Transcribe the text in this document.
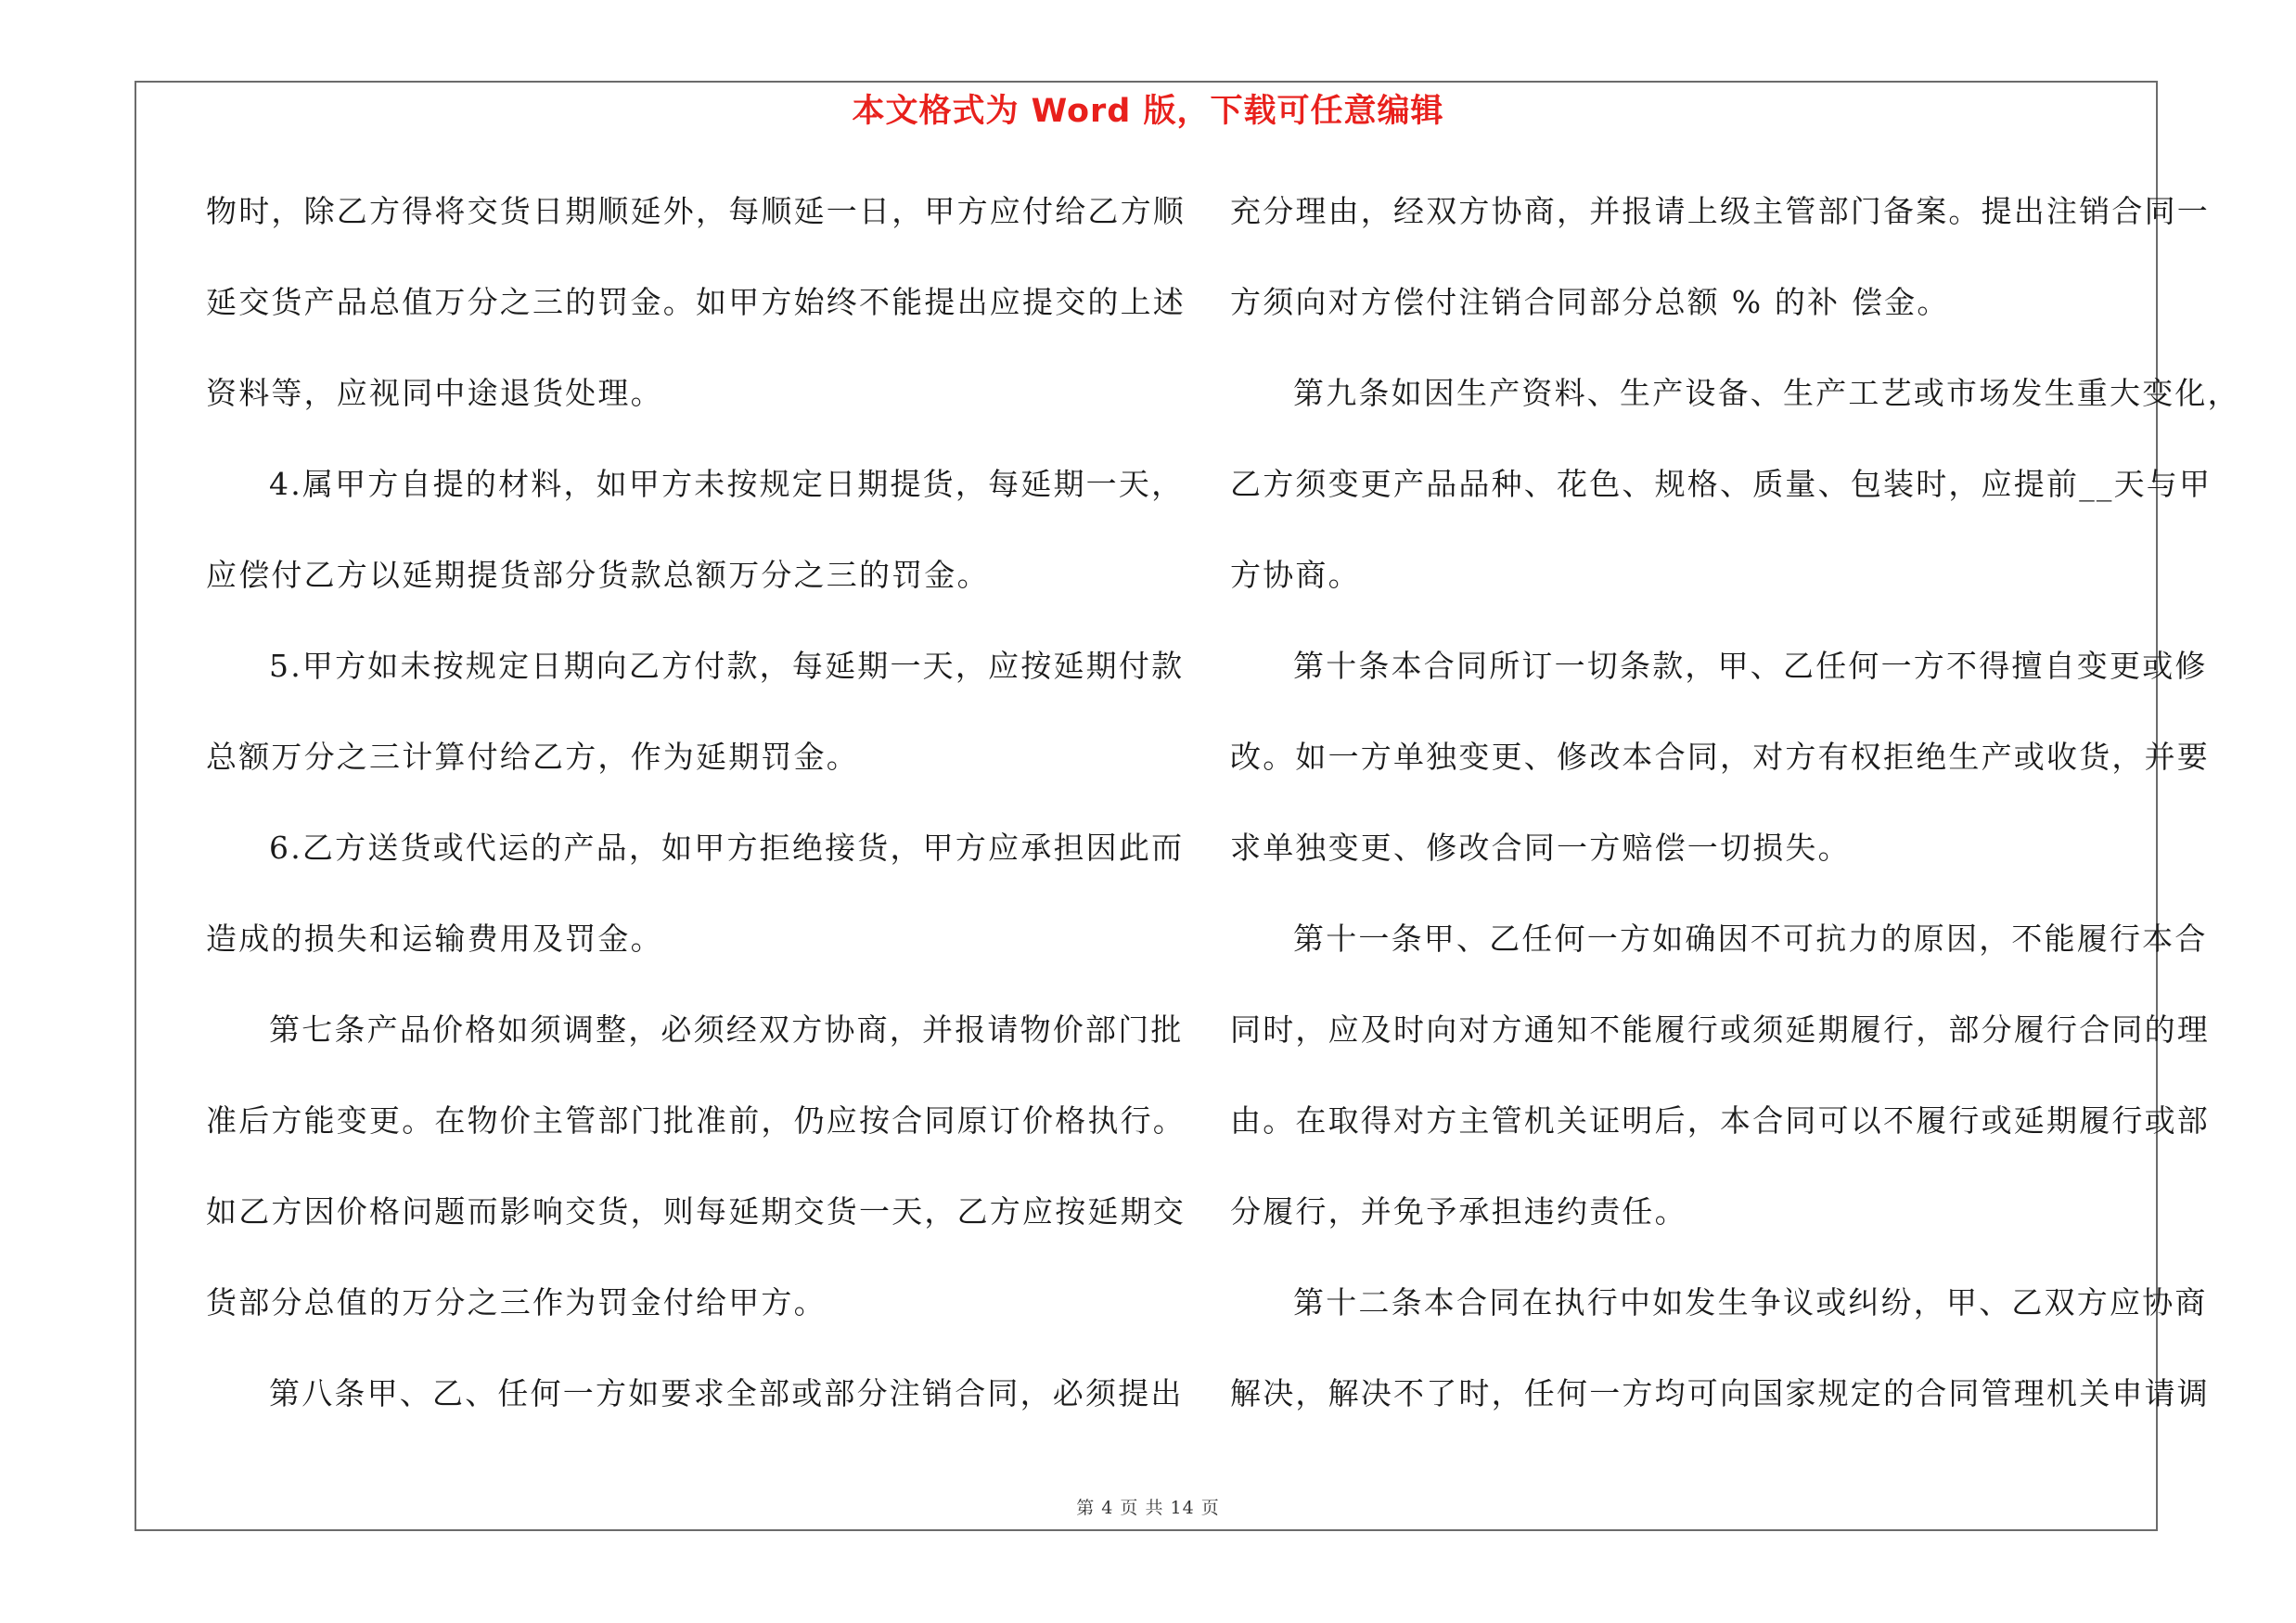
本文格式为 Word 版，下载可任意编辑
物时，除乙方得将交货日期顺延外，每顺延一日，甲方应付给乙方顺
延交货产品总值万分之三的罚金。如甲方始终不能提出应提交的上述
资料等，应视同中途退货处理。
4.属甲方自提的材料，如甲方未按规定日期提货，每延期一天，
应偿付乙方以延期提货部分货款总额万分之三的罚金。
5.甲方如未按规定日期向乙方付款，每延期一天，应按延期付款
总额万分之三计算付给乙方，作为延期罚金。
6.乙方送货或代运的产品，如甲方拒绝接货，甲方应承担因此而
造成的损失和运输费用及罚金。
第七条产品价格如须调整，必须经双方协商，并报请物价部门批
准后方能变更。在物价主管部门批准前，仍应按合同原订价格执行。
如乙方因价格问题而影响交货，则每延期交货一天，乙方应按延期交
货部分总值的万分之三作为罚金付给甲方。
第八条甲、乙、任何一方如要求全部或部分注销合同，必须提出
充分理由，经双方协商，并报请上级主管部门备案。提出注销合同一
方须向对方偿付注销合同部分总额 % 的补 偿金。
第九条如因生产资料、生产设备、生产工艺或市场发生重大变化，
乙方须变更产品品种、花色、规格、质量、包装时，应提前__天与甲
方协商。
第十条本合同所订一切条款，甲、乙任何一方不得擅自变更或修
改。如一方单独变更、修改本合同，对方有权拒绝生产或收货，并要
求单独变更、修改合同一方赔偿一切损失。
第十一条甲、乙任何一方如确因不可抗力的原因，不能履行本合
同时，应及时向对方通知不能履行或须延期履行，部分履行合同的理
由。在取得对方主管机关证明后，本合同可以不履行或延期履行或部
分履行，并免予承担违约责任。
第十二条本合同在执行中如发生争议或纠纷，甲、乙双方应协商
解决，解决不了时，任何一方均可向国家规定的合同管理机关申请调
第 4 页 共 14 页
